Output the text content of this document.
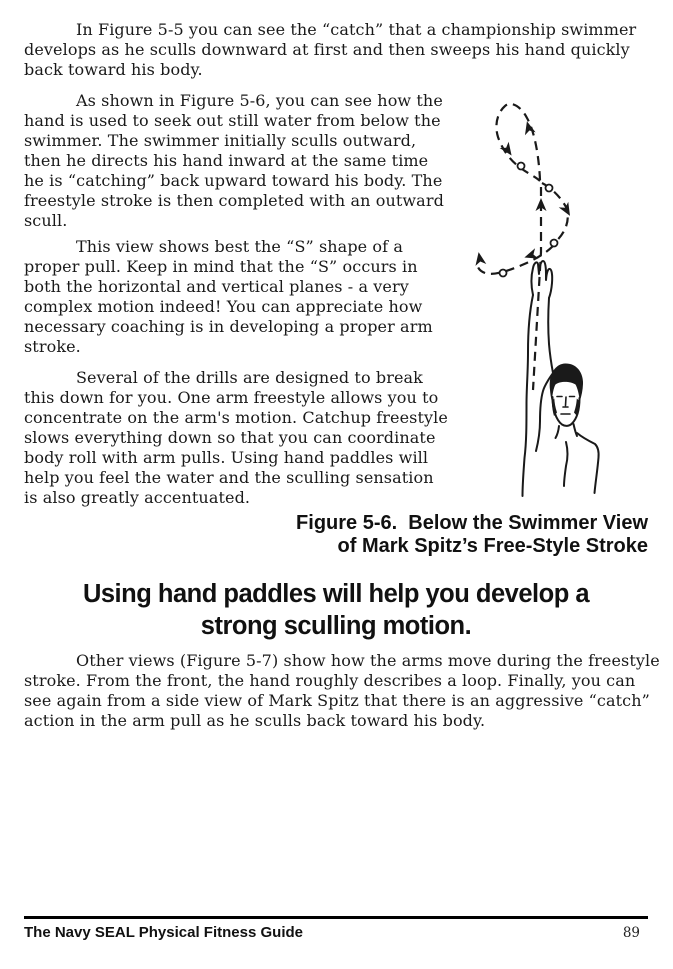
In Figure 5-5 you can see the “catch” that a championship swimmer
develops as he sculls downward at first and then sweeps his hand quickly
back toward his body.
As shown in Figure 5-6, you can see how the
hand is used to seek out still water from below the
swimmer. The swimmer initially sculls outward,
then he directs his hand inward at the same time
he is “catching” back upward toward his body. The
freestyle stroke is then completed with an outward
scull.
This view shows best the “S” shape of a
proper pull. Keep in mind that the “S” occurs in
both the horizontal and vertical planes - a very
complex motion indeed! You can appreciate how
necessary coaching is in developing a proper arm
stroke.
Several of the drills are designed to break
this down for you. One arm freestyle allows you to
concentrate on the arm's motion. Catchup freestyle
slows everything down so that you can coordinate
body roll with arm pulls. Using hand paddles will
help you feel the water and the sculling sensation
is also greatly accentuated.
Figure 5-6.  Below the Swimmer View
of Mark Spitz’s Free-Style Stroke
Using hand paddles will help you develop a
strong sculling motion.
Other views (Figure 5-7) show how the arms move during the freestyle
stroke. From the front, the hand roughly describes a loop. Finally, you can
see again from a side view of Mark Spitz that there is an aggressive “catch”
action in the arm pull as he sculls back toward his body.
The Navy SEAL Physical Fitness Guide	89
